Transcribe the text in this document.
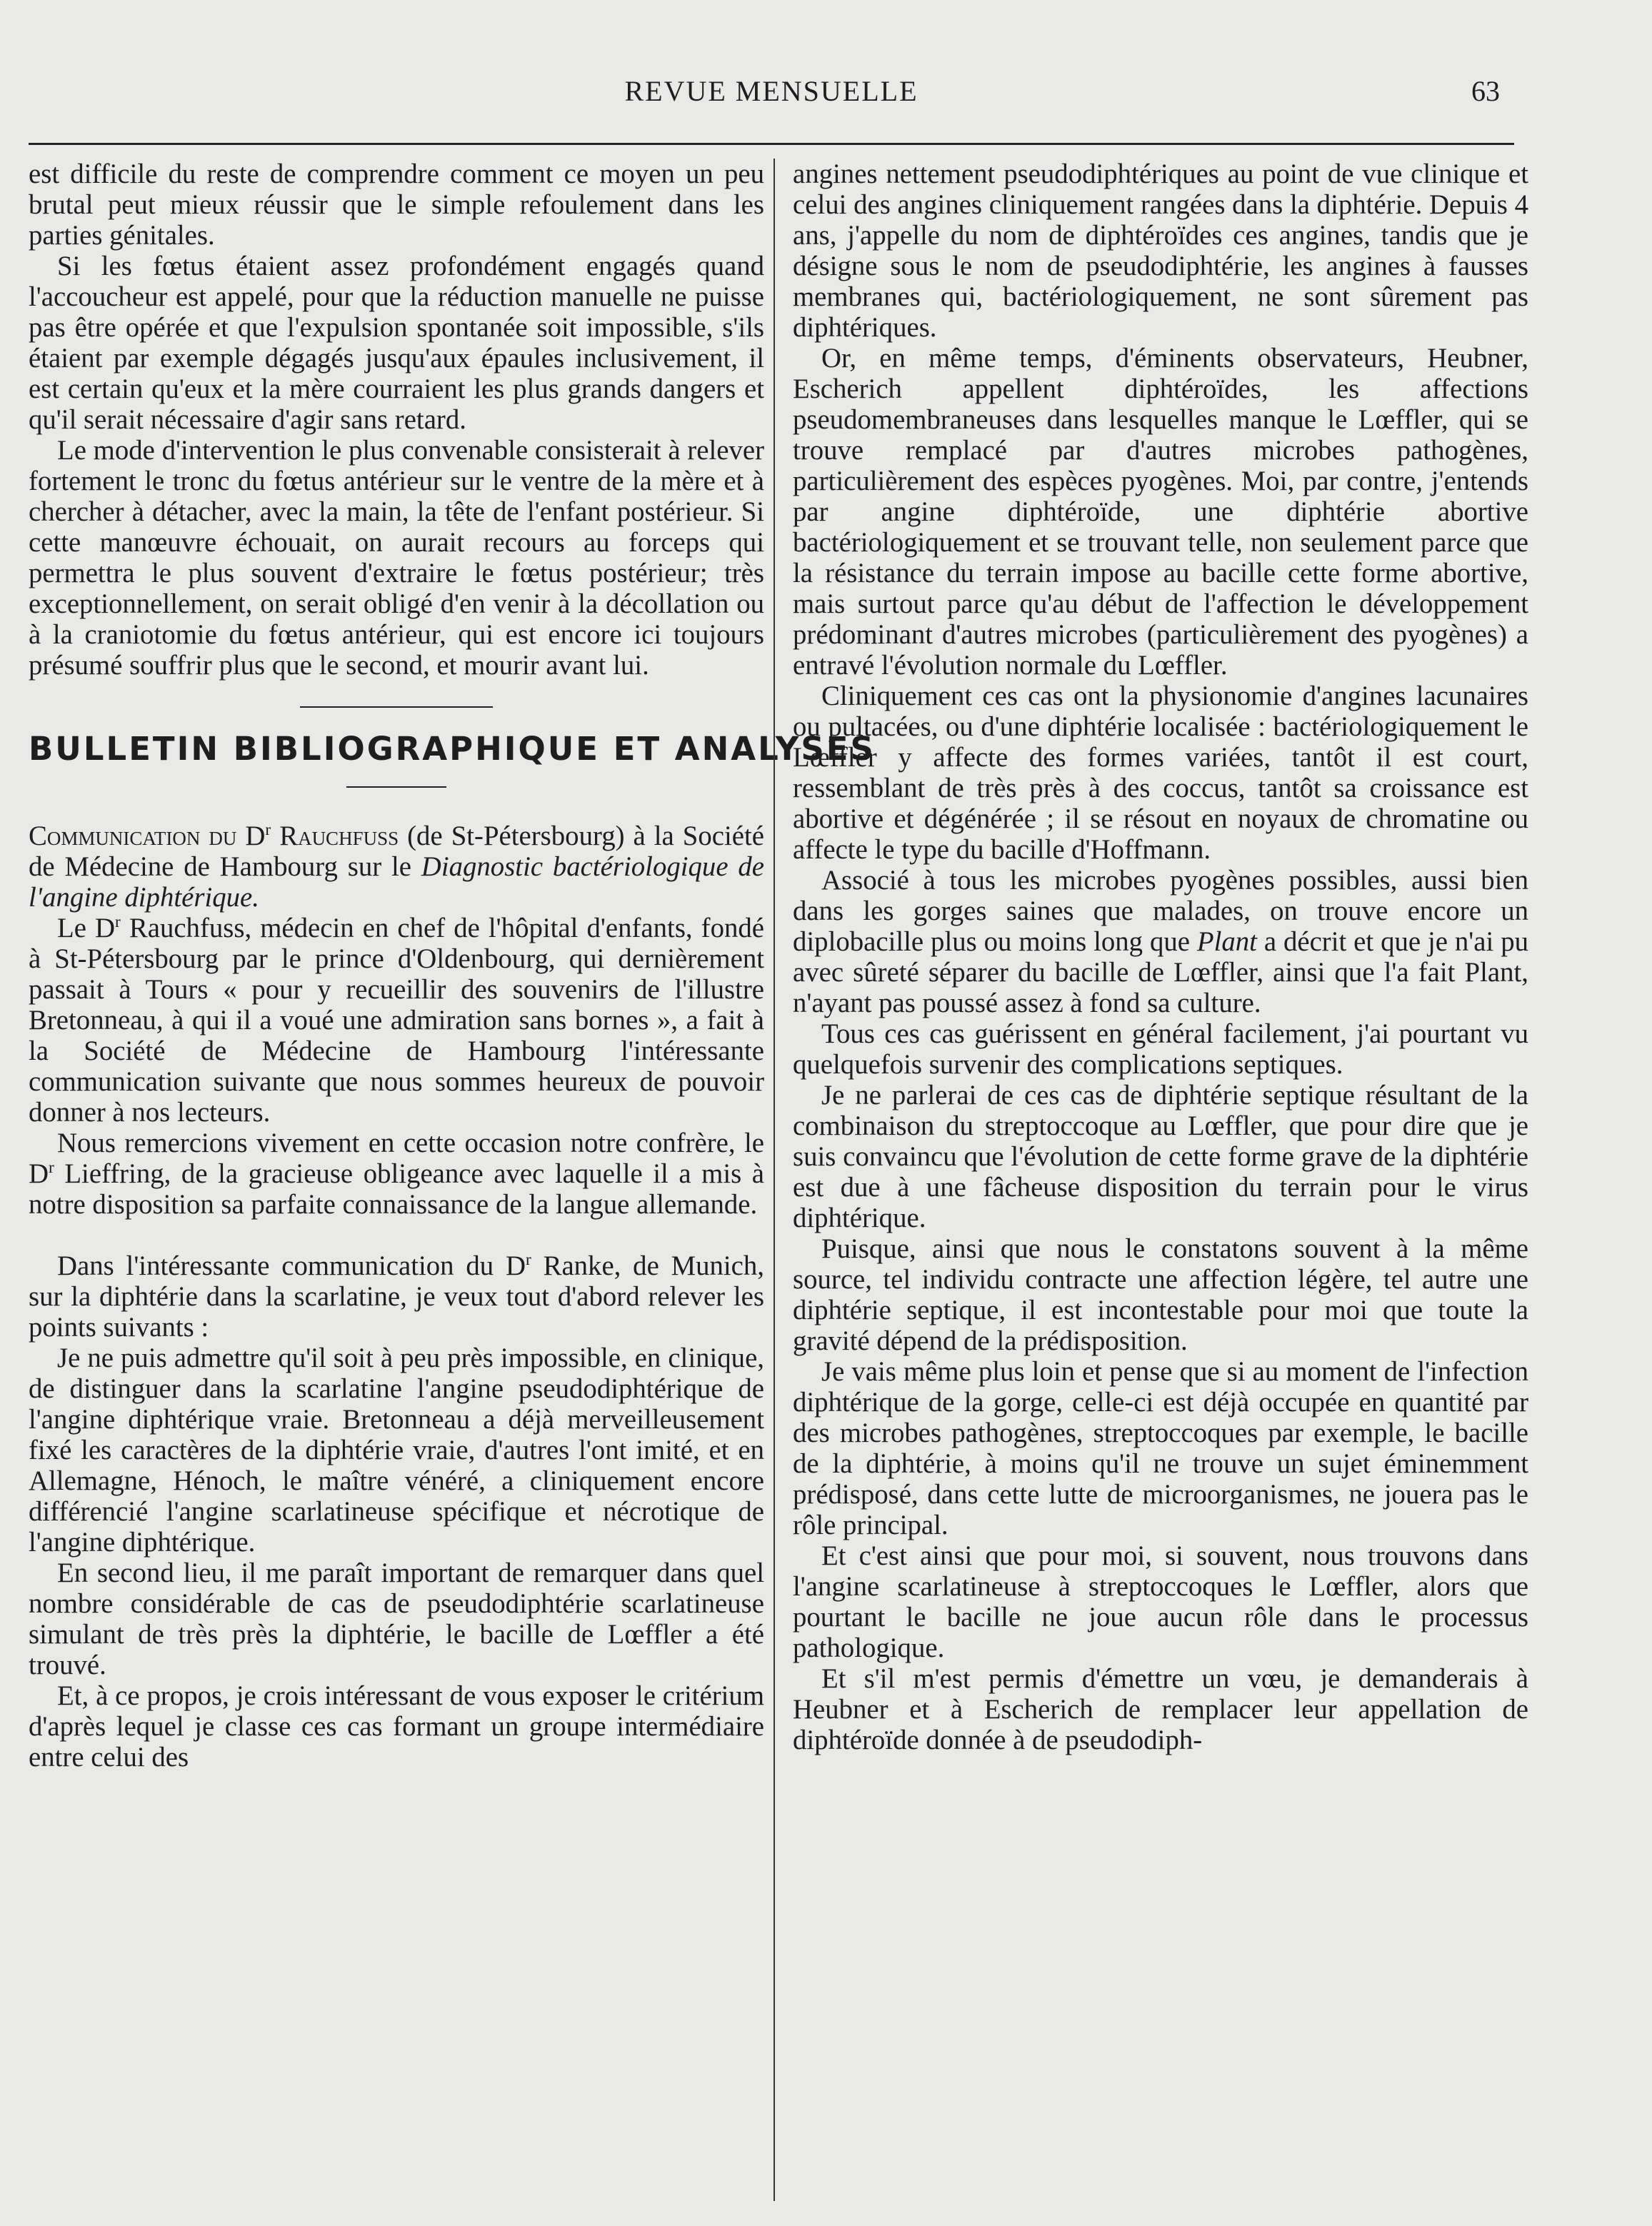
REVUE MENSUELLE	63

est difficile du reste de comprendre comment ce moyen un peu brutal peut mieux réussir que le simple refoulement dans les parties génitales.

Si les fœtus étaient assez profondément engagés quand l'accoucheur est appelé, pour que la réduction manuelle ne puisse pas être opérée et que l'expulsion spontanée soit impossible, s'ils étaient par exemple dégagés jusqu'aux épaules inclusivement, il est certain qu'eux et la mère courraient les plus grands dangers et qu'il serait nécessaire d'agir sans retard.

Le mode d'intervention le plus convenable consisterait à relever fortement le tronc du fœtus antérieur sur le ventre de la mère et à chercher à détacher, avec la main, la tête de l'enfant postérieur. Si cette manœuvre échouait, on aurait recours au forceps qui permettra le plus souvent d'extraire le fœtus postérieur; très exceptionnellement, on serait obligé d'en venir à la décollation ou à la craniotomie du fœtus antérieur, qui est encore ici toujours présumé souffrir plus que le second, et mourir avant lui.

BULLETIN BIBLIOGRAPHIQUE ET ANALYSES

Communication du $D^r$ Rauchfuss (de St-Pétersbourg) à la Société de Médecine de Hambourg sur le Diagnostic bactériologique de l'angine diphtérique.

Le $D^r$ Rauchfuss, médecin en chef de l'hôpital d'enfants, fondé à St-Pétersbourg par le prince d'Oldenbourg, qui dernièrement passait à Tours « pour y recueillir des souvenirs de l'illustre Bretonneau, à qui il a voué une admiration sans bornes », a fait à la Société de Médecine de Hambourg l'intéressante communication suivante que nous sommes heureux de pouvoir donner à nos lecteurs.

Nous remercions vivement en cette occasion notre confrère, le $D^r$ Lieffring, de la gracieuse obligeance avec laquelle il a mis à notre disposition sa parfaite connaissance de la langue allemande.

Dans l'intéressante communication du $D^r$ Ranke, de Munich, sur la diphtérie dans la scarlatine, je veux tout d'abord relever les points suivants :

Je ne puis admettre qu'il soit à peu près impossible, en clinique, de distinguer dans la scarlatine l'angine pseudodiphtérique de l'angine diphtérique vraie. Bretonneau a déjà merveilleusement fixé les caractères de la diphtérie vraie, d'autres l'ont imité, et en Allemagne, Hénoch, le maître vénéré, a cliniquement encore différencié l'angine scarlatineuse spécifique et nécrotique de l'angine diphtérique.

En second lieu, il me paraît important de remarquer dans quel nombre considérable de cas de pseudodiphtérie scarlatineuse simulant de très près la diphtérie, le bacille de Lœffler a été trouvé.

Et, à ce propos, je crois intéressant de vous exposer le critérium d'après lequel je classe ces cas formant un groupe intermédiaire entre celui des

angines nettement pseudodiphtériques au point de vue clinique et celui des angines cliniquement rangées dans la diphtérie. Depuis 4 ans, j'appelle du nom de diphtéroïdes ces angines, tandis que je désigne sous le nom de pseudodiphtérie, les angines à fausses membranes qui, bactériologiquement, ne sont sûrement pas diphtériques.

Or, en même temps, d'éminents observateurs, Heubner, Escherich appellent diphtéroïdes, les affections pseudomembraneuses dans lesquelles manque le Lœffler, qui se trouve remplacé par d'autres microbes pathogènes, particulièrement des espèces pyogènes. Moi, par contre, j'entends par angine diphtéroïde, une diphtérie abortive bactériologiquement et se trouvant telle, non seulement parce que la résistance du terrain impose au bacille cette forme abortive, mais surtout parce qu'au début de l'affection le développement prédominant d'autres microbes (particulièrement des pyogènes) a entravé l'évolution normale du Lœffler.

Cliniquement ces cas ont la physionomie d'angines lacunaires ou pultacées, ou d'une diphtérie localisée : bactériologiquement le Lœffler y affecte des formes variées, tantôt il est court, ressemblant de très près à des coccus, tantôt sa croissance est abortive et dégénérée ; il se résout en noyaux de chromatine ou affecte le type du bacille d'Hoffmann.

Associé à tous les microbes pyogènes possibles, aussi bien dans les gorges saines que malades, on trouve encore un diplobacille plus ou moins long que Plant a décrit et que je n'ai pu avec sûreté séparer du bacille de Lœffler, ainsi que l'a fait Plant, n'ayant pas poussé assez à fond sa culture.

Tous ces cas guérissent en général facilement, j'ai pourtant vu quelquefois survenir des complications septiques.

Je ne parlerai de ces cas de diphtérie septique résultant de la combinaison du streptoccoque au Lœffler, que pour dire que je suis convaincu que l'évolution de cette forme grave de la diphtérie est due à une fâcheuse disposition du terrain pour le virus diphtérique.

Puisque, ainsi que nous le constatons souvent à la même source, tel individu contracte une affection légère, tel autre une diphtérie septique, il est incontestable pour moi que toute la gravité dépend de la prédisposition.

Je vais même plus loin et pense que si au moment de l'infection diphtérique de la gorge, celle-ci est déjà occupée en quantité par des microbes pathogènes, streptoccoques par exemple, le bacille de la diphtérie, à moins qu'il ne trouve un sujet éminemment prédisposé, dans cette lutte de microorganismes, ne jouera pas le rôle principal.

Et c'est ainsi que pour moi, si souvent, nous trouvons dans l'angine scarlatineuse à streptoccoques le Lœffler, alors que pourtant le bacille ne joue aucun rôle dans le processus pathologique.

Et s'il m'est permis d'émettre un vœu, je demanderais à Heubner et à Escherich de remplacer leur appellation de diphtéroïde donnée à de pseudodiph-
